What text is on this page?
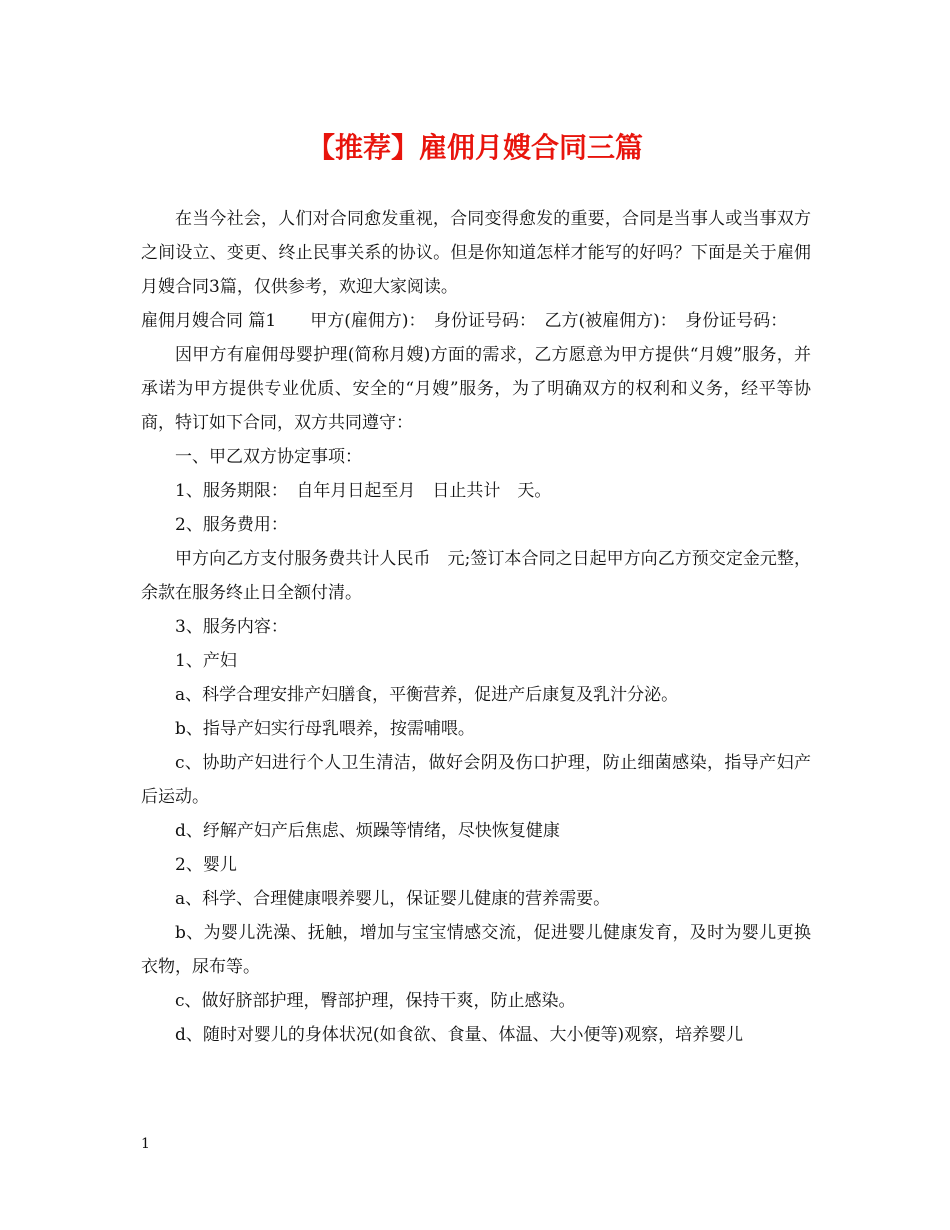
【推荐】雇佣月嫂合同三篇

在当今社会，人们对合同愈发重视，合同变得愈发的重要，合同是当事人或当事双方之间设立、变更、终止民事关系的协议。但是你知道怎样才能写的好吗？下面是关于雇佣月嫂合同3篇，仅供参考，欢迎大家阅读。

雇佣月嫂合同 篇1　　甲方(雇佣方)：　身份证号码：　乙方(被雇佣方)：　身份证号码：

因甲方有雇佣母婴护理(简称月嫂)方面的需求，乙方愿意为甲方提供“月嫂”服务，并承诺为甲方提供专业优质、安全的“月嫂”服务，为了明确双方的权利和义务，经平等协商，特订如下合同，双方共同遵守：

一、甲乙双方协定事项：

1、服务期限：　自年月日起至月　日止共计　天。

2、服务费用：

甲方向乙方支付服务费共计人民币　元;签订本合同之日起甲方向乙方预交定金元整，余款在服务终止日全额付清。

3、服务内容：

1、产妇

a、科学合理安排产妇膳食，平衡营养，促进产后康复及乳汁分泌。

b、指导产妇实行母乳喂养，按需哺喂。

c、协助产妇进行个人卫生清洁，做好会阴及伤口护理，防止细菌感染，指导产妇产后运动。

d、纾解产妇产后焦虑、烦躁等情绪，尽快恢复健康

2、婴儿

a、科学、合理健康喂养婴儿，保证婴儿健康的营养需要。

b、为婴儿洗澡、抚触，增加与宝宝情感交流，促进婴儿健康发育，及时为婴儿更换衣物，尿布等。

c、做好脐部护理，臀部护理，保持干爽，防止感染。

d、随时对婴儿的身体状况(如食欲、食量、体温、大小便等)观察，培养婴儿

1
